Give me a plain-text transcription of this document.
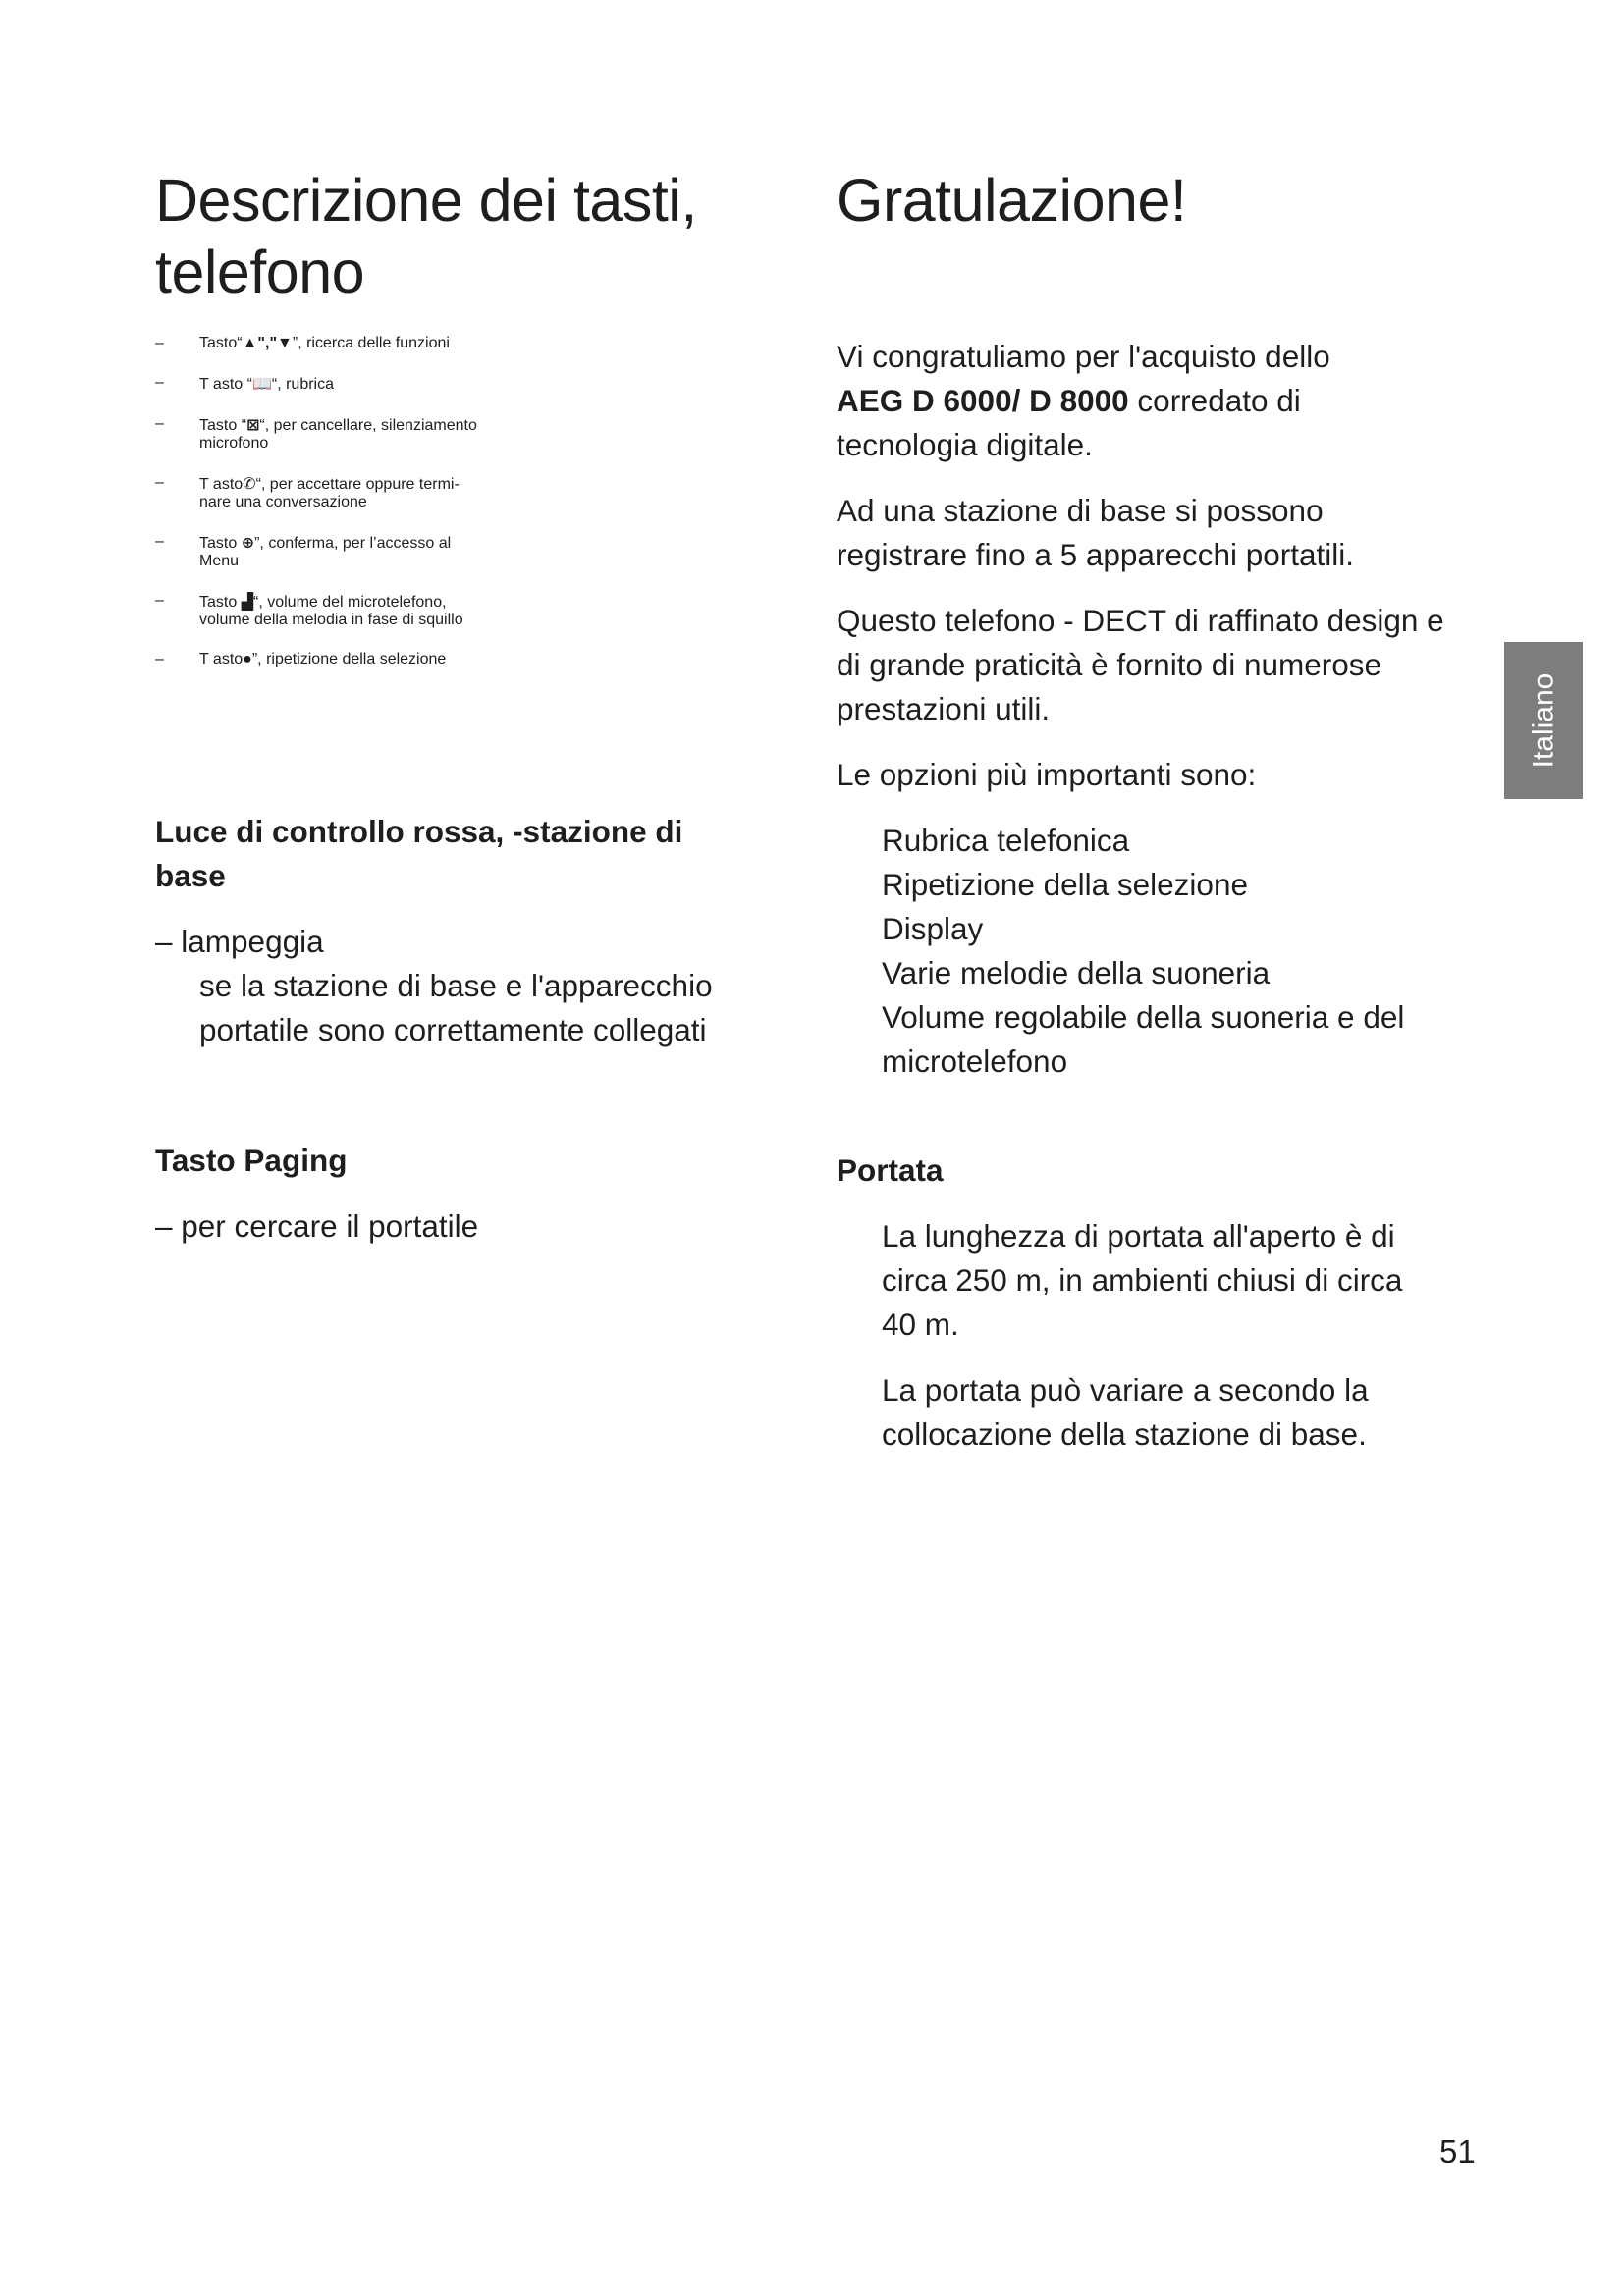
Descrizione dei tasti,
telefono
–	Tasto“▲","▼”, ricerca delle funzioni
–	T asto “📖“, rubrica
–	Tasto “⊠“, per cancellare, silenziamento
microfono
–	T asto✆“, per accettare oppure termi-
nare una conversazione
–	Tasto ⊕”, conferma, per l’accesso al
Menu
–	Tasto ▟“, volume del microtelefono,
volume della melodia in fase di squillo
–	T asto●”, ripetizione della selezione

Luce di controllo rossa, -stazione di
base

– lampeggia

se la stazione di base e l'apparecchio
portatile sono correttamente collegati

Tasto Paging

– per cercare il portatile

Gratulazione!

Vi congratuliamo per l'acquisto dello
AEG D 6000/ D 8000 corredato di
tecnologia digitale.

Ad una stazione di base si possono
registrare fino a 5 apparecchi portatili.

Questo telefono - DECT di raffinato design e
di grande praticità è fornito di numerose
prestazioni utili.

Le opzioni più importanti sono:

Rubrica telefonica

Ripetizione della selezione

Display

Varie melodie della suoneria

Volume regolabile della suoneria e del

microtelefono

Portata

La lunghezza di portata all'aperto è di
circa 250 m, in ambienti chiusi di circa
40 m.

La portata può variare a secondo la
collocazione della stazione di base.

Italiano
51
